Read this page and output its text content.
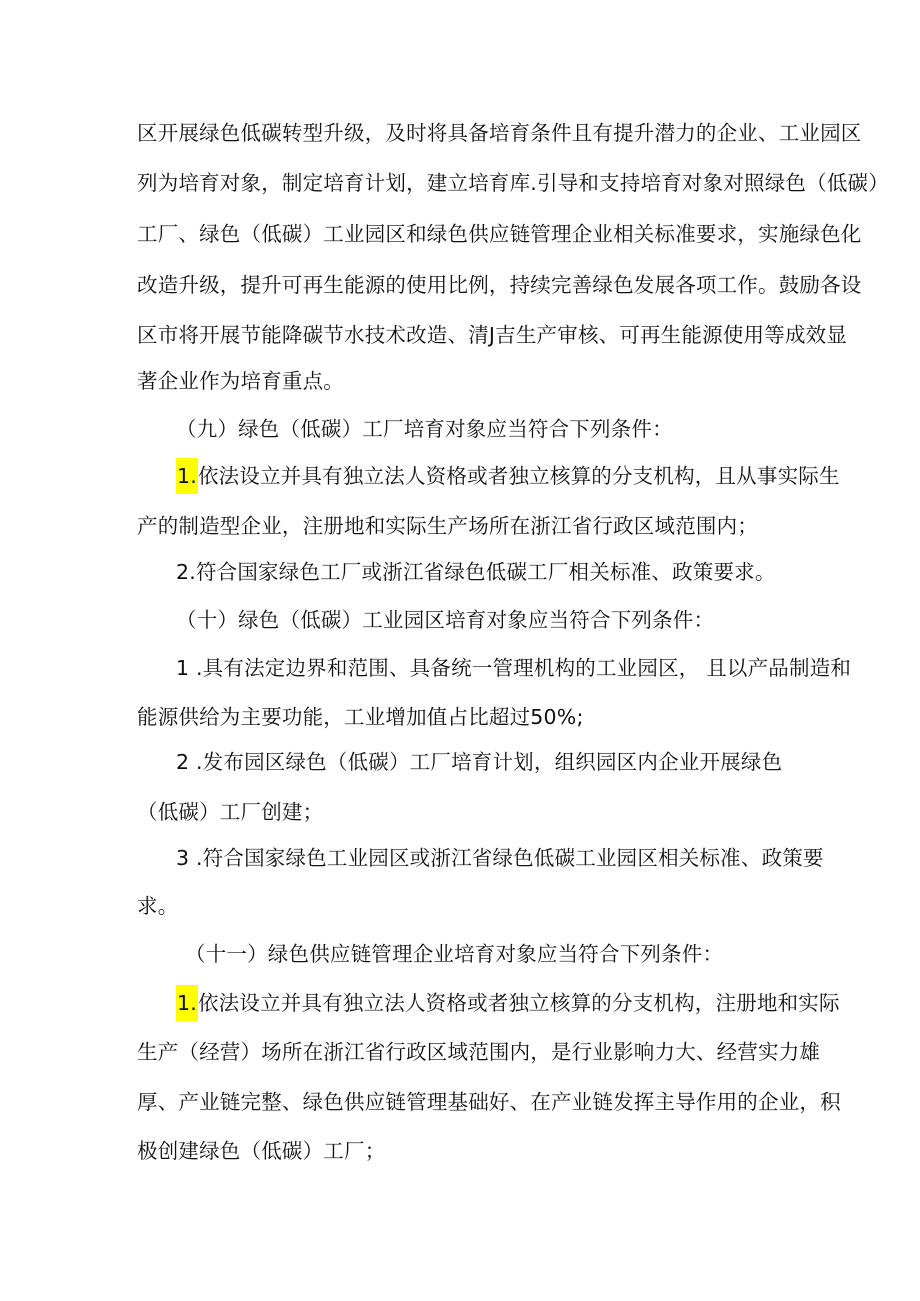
区开展绿色低碳转型升级，及时将具备培育条件且有提升潜力的企业、工业园区
列为培育对象，制定培育计划，建立培育库.引导和支持培育对象对照绿色（低碳）
工厂、绿色（低碳）工业园区和绿色供应链管理企业相关标准要求，实施绿色化
改造升级，提升可再生能源的使用比例，持续完善绿色发展各项工作。鼓励各设
区市将开展节能降碳节水技术改造、清J吉生产审核、可再生能源使用等成效显
著企业作为培育重点。
（九）绿色（低碳）工厂培育对象应当符合下列条件：
1.依法设立并具有独立法人资格或者独立核算的分支机构，且从事实际生
产的制造型企业，注册地和实际生产场所在浙江省行政区域范围内；
2.符合国家绿色工厂或浙江省绿色低碳工厂相关标准、政策要求。
（十）绿色（低碳）工业园区培育对象应当符合下列条件：
1 .具有法定边界和范围、具备统一管理机构的工业园区， 且以产品制造和
能源供给为主要功能，工业增加值占比超过50%;
2 .发布园区绿色（低碳）工厂培育计划，组织园区内企业开展绿色
（低碳）工厂创建；
3 .符合国家绿色工业园区或浙江省绿色低碳工业园区相关标准、政策要
求。
（十一）绿色供应链管理企业培育对象应当符合下列条件：
1.依法设立并具有独立法人资格或者独立核算的分支机构，注册地和实际
生产（经营）场所在浙江省行政区域范围内，是行业影响力大、经营实力雄
厚、产业链完整、绿色供应链管理基础好、在产业链发挥主导作用的企业，积
极创建绿色（低碳）工厂；
